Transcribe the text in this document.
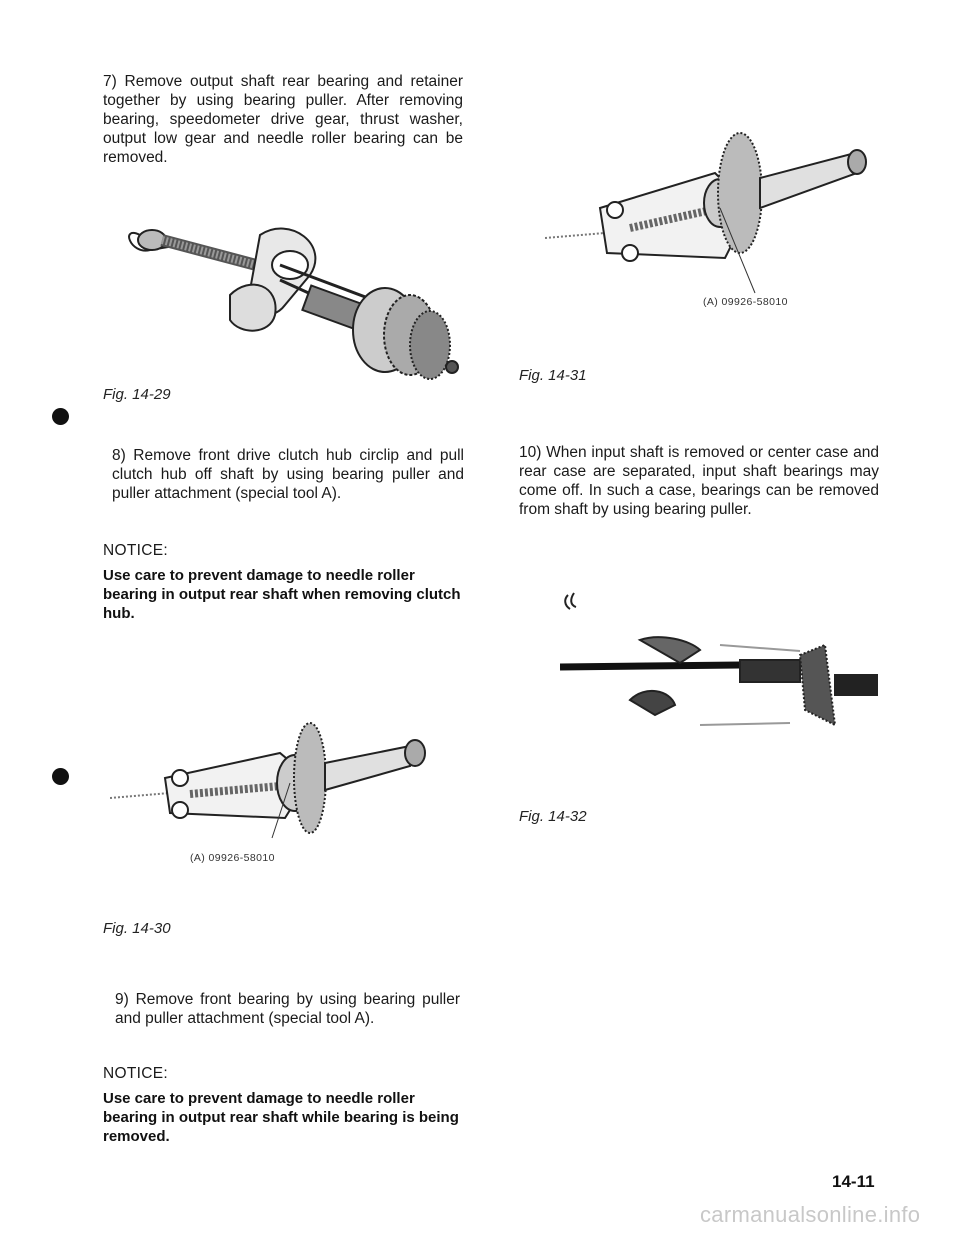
7) Remove output shaft rear bearing and retainer together by using bearing puller. After removing bearing, speedometer drive gear, thrust washer, output low gear and needle roller bearing can be removed.
Fig. 14-29
8) Remove front drive clutch hub circlip and pull clutch hub off shaft by using bearing puller and puller attachment (special tool A).
NOTICE:
Use care to prevent damage to needle roller bearing in output rear shaft when removing clutch hub.
(A) 09926-58010
Fig. 14-30
9) Remove front bearing by using bearing puller and puller attachment (special tool A).
NOTICE:
Use care to prevent damage to needle roller bearing in output rear shaft while bearing is being removed.
(A) 09926-58010
Fig. 14-31
10) When input shaft is removed or center case and rear case are separated, input shaft bearings may come off. In such a case, bearings can be removed from shaft by using bearing puller.
Fig. 14-32
14-11
carmanualsonline.info
